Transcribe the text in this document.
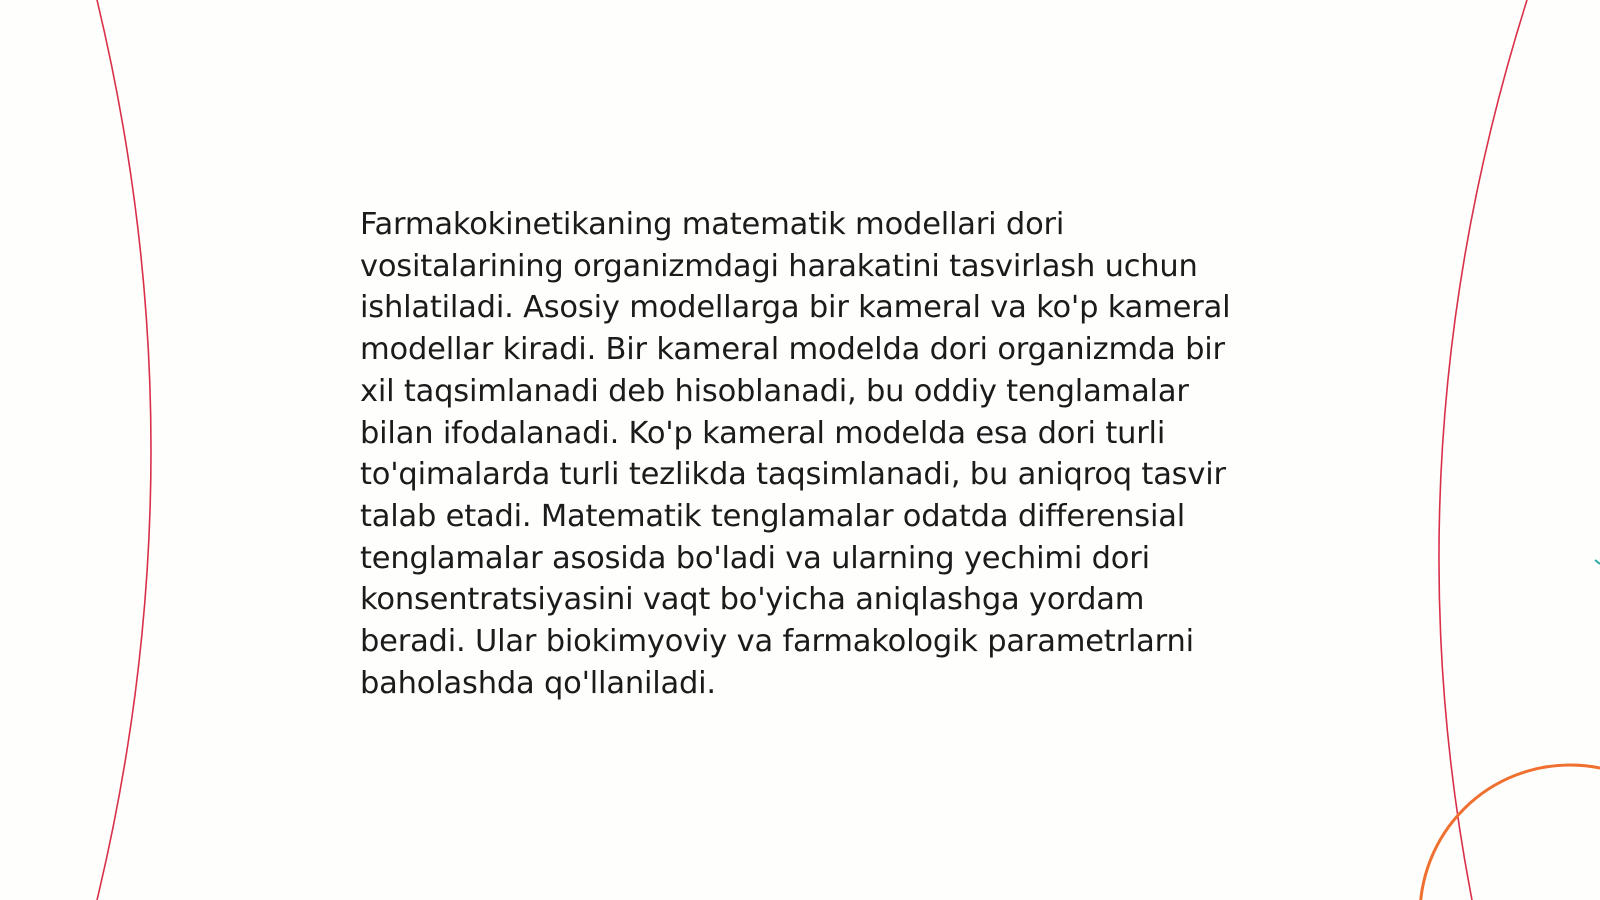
Farmakokinetikaning matematik modellari dori vositalarining organizmdagi harakatini tasvirlash uchun ishlatiladi. Asosiy modellarga bir kameral va ko'p kameral modellar kiradi. Bir kameral modelda dori organizmda bir xil taqsimlanadi deb hisoblanadi, bu oddiy tenglamalar bilan ifodalanadi. Ko'p kameral modelda esa dori turli to'qimalarda turli tezlikda taqsimlanadi, bu aniqroq tasvir talab etadi. Matematik tenglamalar odatda differensial tenglamalar asosida bo'ladi va ularning yechimi dori konsentratsiyasini vaqt bo'yicha aniqlashga yordam beradi. Ular biokimyoviy va farmakologik parametrlarni baholashda qo'llaniladi.
